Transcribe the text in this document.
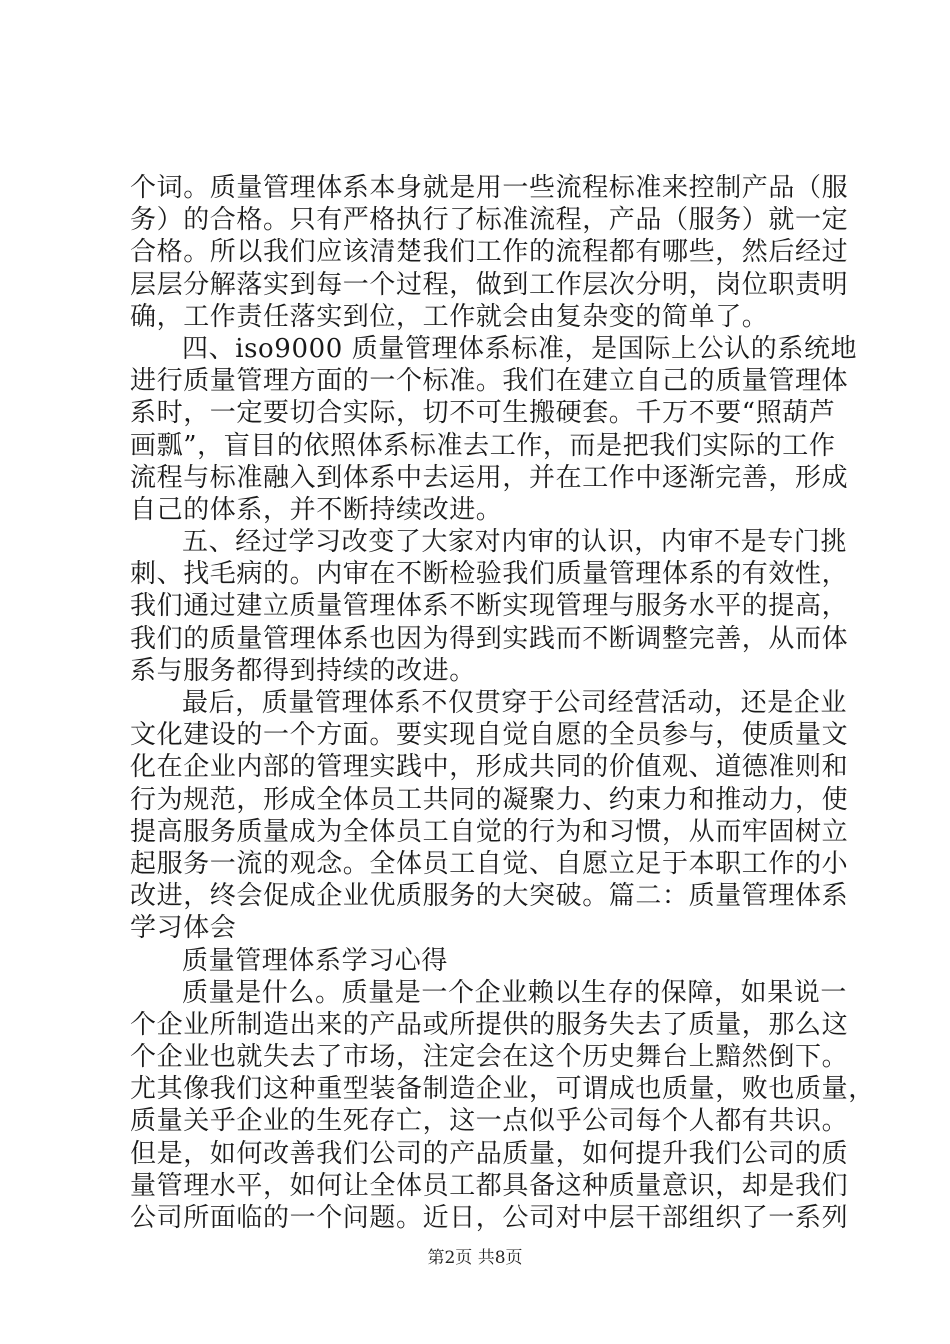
个词。质量管理体系本身就是用一些流程标准来控制产品（服
务）的合格。只有严格执行了标准流程，产品（服务）就一定
合格。所以我们应该清楚我们工作的流程都有哪些，然后经过
层层分解落实到每一个过程，做到工作层次分明，岗位职责明
确，工作责任落实到位，工作就会由复杂变的简单了。
四、iso9000 质量管理体系标准，是国际上公认的系统地
进行质量管理方面的一个标准。我们在建立自己的质量管理体
系时，一定要切合实际，切不可生搬硬套。千万不要“照葫芦
画瓢”，盲目的依照体系标准去工作，而是把我们实际的工作
流程与标准融入到体系中去运用，并在工作中逐渐完善，形成
自己的体系，并不断持续改进。
五、经过学习改变了大家对内审的认识，内审不是专门挑
刺、找毛病的。内审在不断检验我们质量管理体系的有效性，
我们通过建立质量管理体系不断实现管理与服务水平的提高，
我们的质量管理体系也因为得到实践而不断调整完善，从而体
系与服务都得到持续的改进。
最后，质量管理体系不仅贯穿于公司经营活动，还是企业
文化建设的一个方面。要实现自觉自愿的全员参与，使质量文
化在企业内部的管理实践中，形成共同的价值观、道德准则和
行为规范，形成全体员工共同的凝聚力、约束力和推动力，使
提高服务质量成为全体员工自觉的行为和习惯，从而牢固树立
起服务一流的观念。全体员工自觉、自愿立足于本职工作的小
改进，终会促成企业优质服务的大突破。篇二：质量管理体系
学习体会
质量管理体系学习心得
质量是什么。质量是一个企业赖以生存的保障，如果说一
个企业所制造出来的产品或所提供的服务失去了质量，那么这
个企业也就失去了市场，注定会在这个历史舞台上黯然倒下。
尤其像我们这种重型装备制造企业，可谓成也质量，败也质量，
质量关乎企业的生死存亡，这一点似乎公司每个人都有共识。
但是，如何改善我们公司的产品质量，如何提升我们公司的质
量管理水平，如何让全体员工都具备这种质量意识，却是我们
公司所面临的一个问题。近日，公司对中层干部组织了一系列
第2页 共8页
